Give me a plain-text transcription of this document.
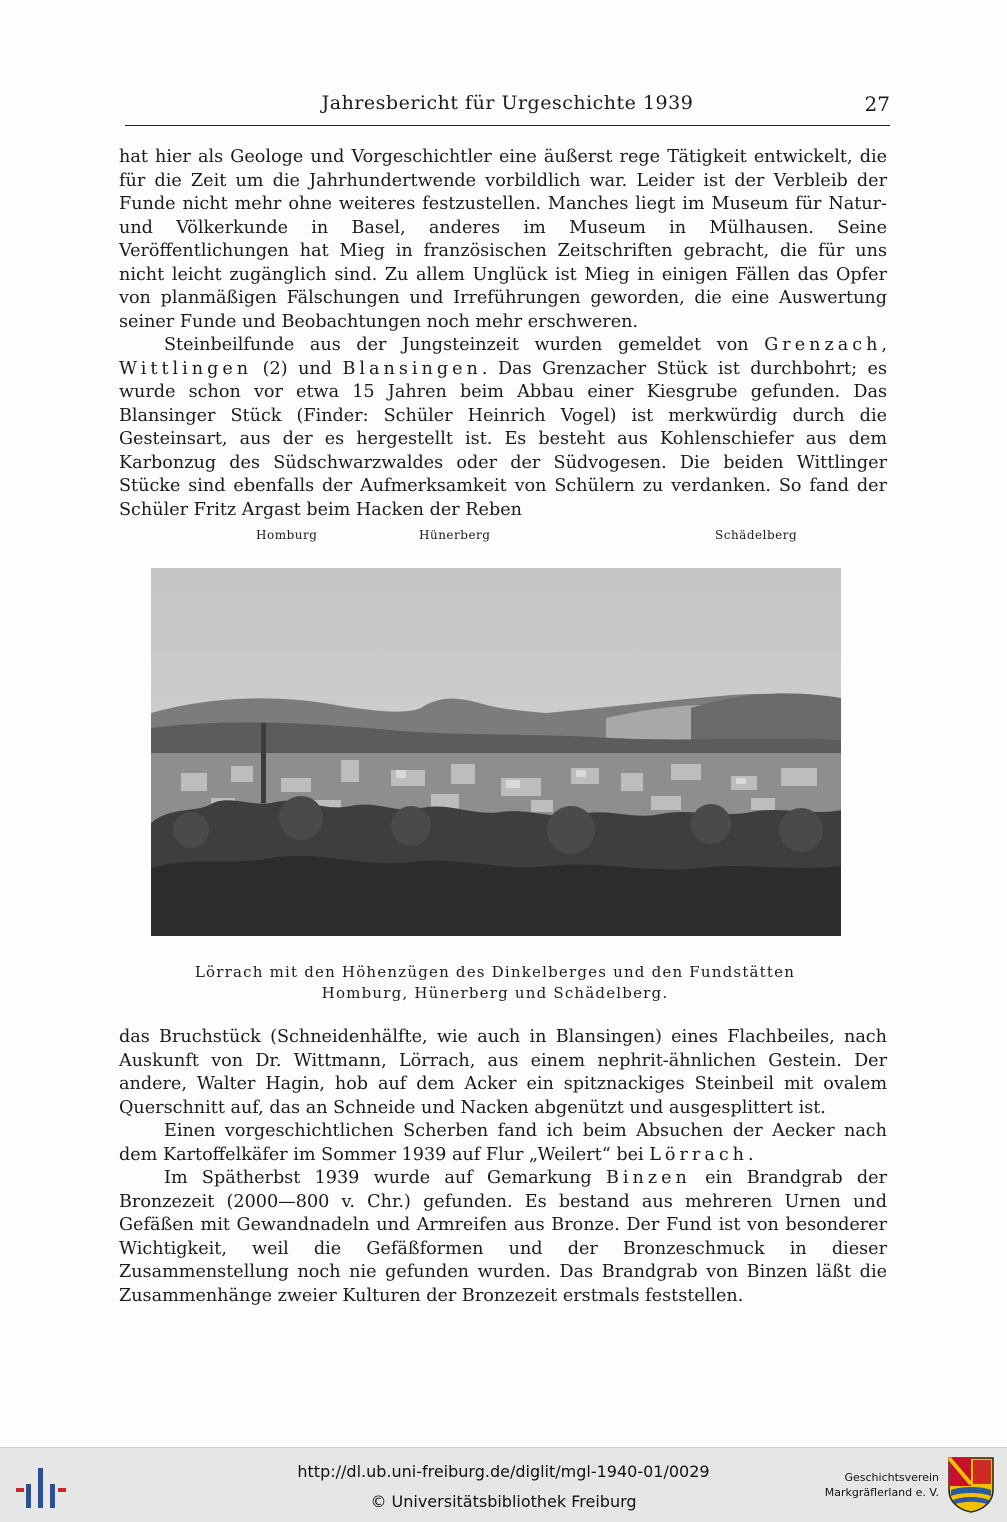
Jahresbericht für Urgeschichte 1939	27

hat hier als Geologe und Vorgeschichtler eine äußerst rege Tätigkeit entwickelt, die für die Zeit um die Jahrhundertwende vorbildlich war. Leider ist der Verbleib der Funde nicht mehr ohne weiteres festzustellen. Manches liegt im Museum für Natur- und Völkerkunde in Basel, anderes im Museum in Mülhausen. Seine Veröffentlichungen hat Mieg in französischen Zeitschriften gebracht, die für uns nicht leicht zugänglich sind. Zu allem Unglück ist Mieg in einigen Fällen das Opfer von planmäßigen Fälschungen und Irreführungen geworden, die eine Auswertung seiner Funde und Beobachtungen noch mehr erschweren.

Steinbeilfunde aus der Jungsteinzeit wurden gemeldet von Grenzach, Wittlingen (2) und Blansingen. Das Grenzacher Stück ist durchbohrt; es wurde schon vor etwa 15 Jahren beim Abbau einer Kiesgrube gefunden. Das Blansinger Stück (Finder: Schüler Heinrich Vogel) ist merkwürdig durch die Gesteinsart, aus der es hergestellt ist. Es besteht aus Kohlenschiefer aus dem Karbonzug des Südschwarzwaldes oder der Südvogesen. Die beiden Wittlinger Stücke sind ebenfalls der Aufmerksamkeit von Schülern zu verdanken. So fand der Schüler Fritz Argast beim Hacken der Reben

Homburg	Hünerberg	Schädelberg
Lörrach mit den Höhenzügen des Dinkelberges und den Fundstätten Homburg, Hünerberg und Schädelberg.

das Bruchstück (Schneidenhälfte, wie auch in Blansingen) eines Flachbeiles, nach Auskunft von Dr. Wittmann, Lörrach, aus einem nephrit-ähnlichen Gestein. Der andere, Walter Hagin, hob auf dem Acker ein spitznackiges Steinbeil mit ovalem Querschnitt auf, das an Schneide und Nacken abgenützt und ausgesplittert ist.

Einen vorgeschichtlichen Scherben fand ich beim Absuchen der Aecker nach dem Kartoffelkäfer im Sommer 1939 auf Flur „Weilert“ bei Lörrach.

Im Spätherbst 1939 wurde auf Gemarkung Binzen ein Brandgrab der Bronzezeit (2000—800 v. Chr.) gefunden. Es bestand aus mehreren Urnen und Gefäßen mit Gewandnadeln und Armreifen aus Bronze. Der Fund ist von besonderer Wichtigkeit, weil die Gefäßformen und der Bronzeschmuck in dieser Zusammenstellung noch nie gefunden wurden. Das Brandgrab von Binzen läßt die Zusammenhänge zweier Kulturen der Bronzezeit erstmals feststellen.

http://dl.ub.uni-freiburg.de/diglit/mgl-1940-01/0029
© Universitätsbibliothek Freiburg
Geschichtsverein
Markgräflerland e. V.
